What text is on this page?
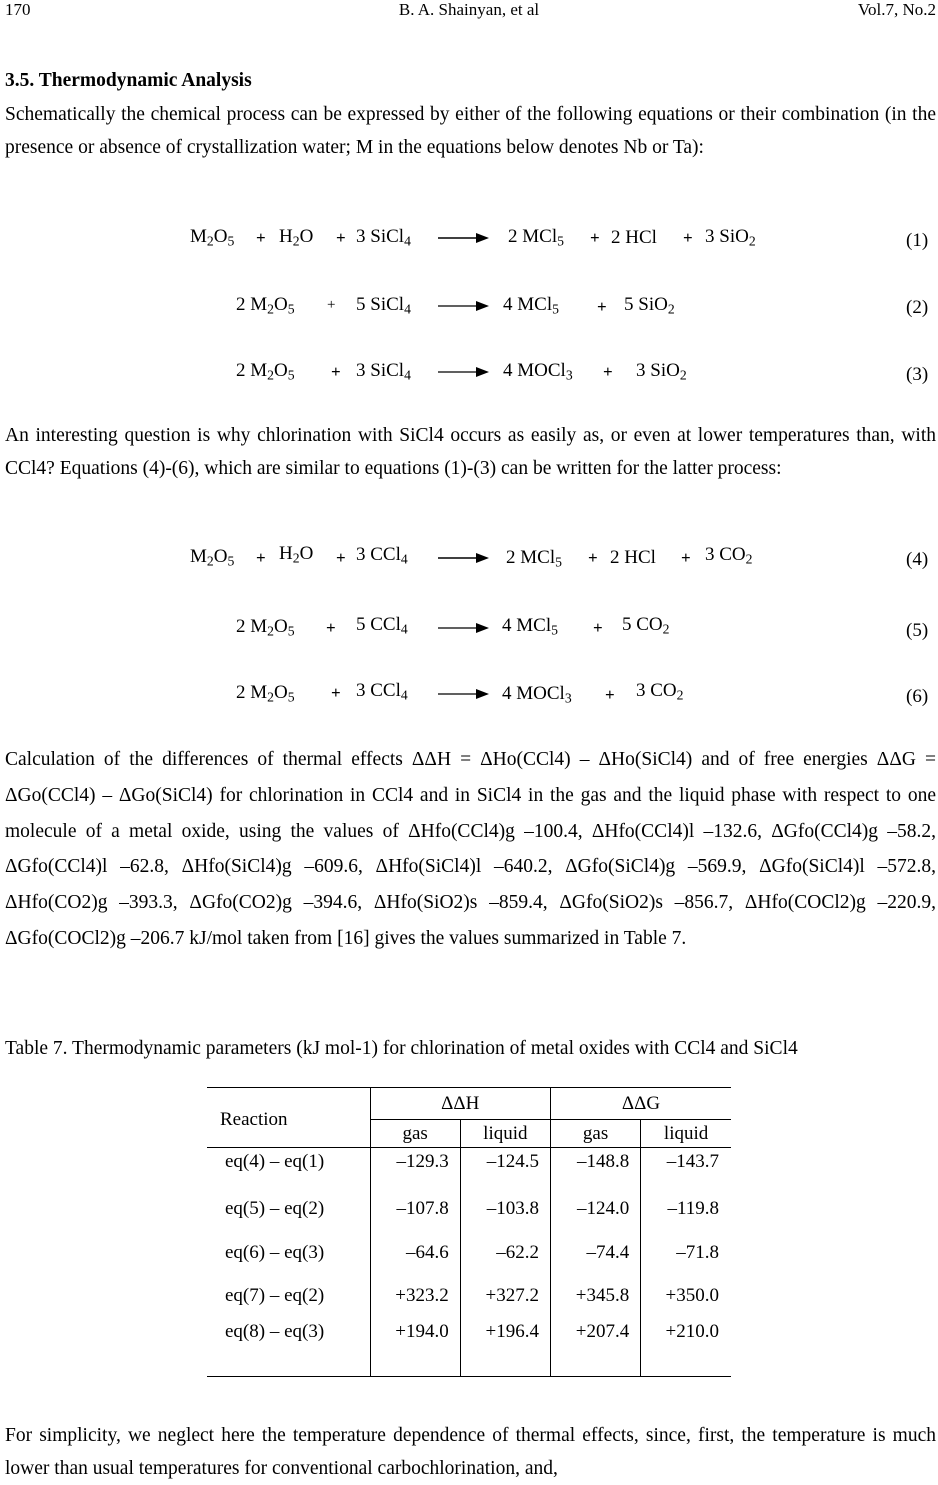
170	B. A. Shainyan, et al	Vol.7, No.2

3.5. Thermodynamic Analysis

Schematically the chemical process can be expressed by either of the following equations or their combination (in the presence or absence of crystallization water; M in the equations below denotes Nb or Ta):

$M_2O_5 + H_2O + 3$ SiCl$_4$ → 2 MCl$_5$ + 2 HCl + 3 SiO$_2$	(1)
2 $M_2O_5 + 5$ SiCl$_4$ → 4 MCl$_5$ + 5 SiO$_2$	(2)
2 $M_2O_5 + 3$ SiCl$_4$ → 4 MOCl$_3$ + 3 SiO$_2$	(3)

An interesting question is why chlorination with SiCl4 occurs as easily as, or even at lower temperatures than, with CCl4? Equations (4)-(6), which are similar to equations (1)-(3) can be written for the latter process:

$M_2O_5 + H_2O + 3$ CCl$_4$ → 2 MCl$_5$ + 2 HCl + 3 $CO_2$	(4)
2 $M_2O_5 + 5$ CCl$_4$ → 4 MCl$_5$ + 5 $CO_2$	(5)
2 $M_2O_5 + 3$ CCl$_4$ → 4 MOCl$_3$ + 3 $CO_2$	(6)

Calculation of the differences of thermal effects ΔΔH = ΔHo(CCl4) – ΔHo(SiCl4) and of free energies ΔΔG = ΔGo(CCl4) – ΔGo(SiCl4) for chlorination in CCl4 and in SiCl4 in the gas and the liquid phase with respect to one molecule of a metal oxide, using the values of ΔHfo(CCl4)g –100.4, ΔHfo(CCl4)l –132.6, ΔGfo(CCl4)g –58.2, ΔGfo(CCl4)l –62.8, ΔHfo(SiCl4)g –609.6, ΔHfo(SiCl4)l –640.2, ΔGfo(SiCl4)g –569.9, ΔGfo(SiCl4)l –572.8, ΔHfo(CO2)g –393.3, ΔGfo(CO2)g –394.6, ΔHfo(SiO2)s –859.4, ΔGfo(SiO2)s –856.7, ΔHfo(COCl2)g –220.9, ΔGfo(COCl2)g –206.7 kJ/mol taken from [16] gives the values summarized in Table 7.

Table 7. Thermodynamic parameters (kJ mol-1) for chlorination of metal oxides with CCl4 and SiCl4

Reaction	ΔΔH		ΔΔG	
	gas	liquid	gas	liquid
eq(4) – eq(1)	–129.3	–124.5	–148.8	–143.7
eq(5) – eq(2)	–107.8	–103.8	–124.0	–119.8
eq(6) – eq(3)	–64.6	–62.2	–74.4	–71.8
eq(7) – eq(2)	+323.2	+327.2	+345.8	+350.0
eq(8) – eq(3)	+194.0	+196.4	+207.4	+210.0

For simplicity, we neglect here the temperature dependence of thermal effects, since, first, the temperature is much lower than usual temperatures for conventional carbochlorination, and,
